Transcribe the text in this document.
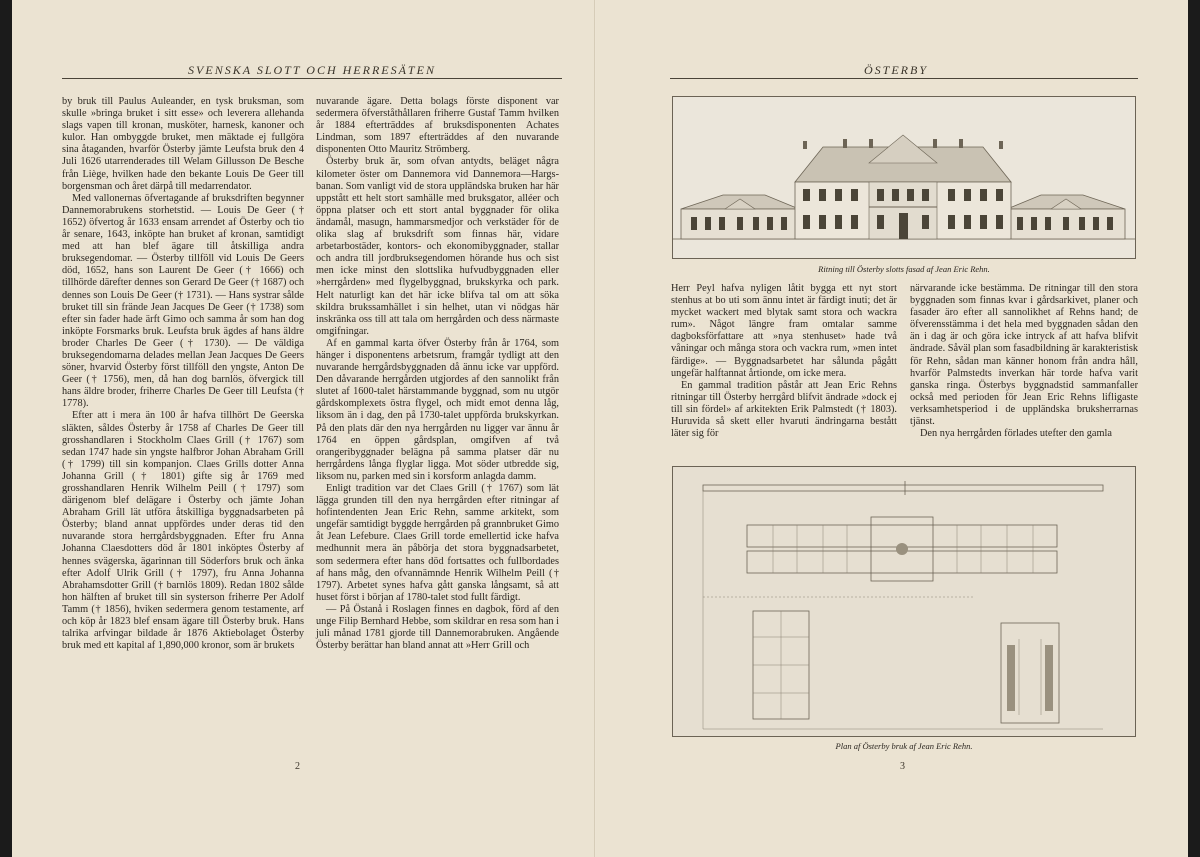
SVENSKA SLOTT OCH HERRESÄTEN

by bruk till Paulus Auleander, en tysk bruksman, som skulle »bringa bruket i sitt esse» och leverera allehanda slags vapen till kronan, musköter, harnesk, kanoner och kulor. Han ombyggde bruket, men mäktade ej fullgöra sina åtaganden, hvarför Österby jämte Leufsta bruk den 4 Juli 1626 utarrenderades till Welam Gillusson De Besche från Liège, hvilken hade den bekante Louis De Geer till borgensman och året därpå till medarrendator.

Med vallonernas öfvertagande af bruksdriften begynner Dannemorabrukens storhetstid. — Louis De Geer († 1652) öfvertog år 1633 ensam arrendet af Österby och tio år senare, 1643, inköpte han bruket af kronan, samtidigt med att han blef ägare till åtskilliga andra bruksegendomar. — Österby tillföll vid Louis De Geers död, 1652, hans son Laurent De Geer († 1666) och tillhörde därefter dennes son Gerard De Geer († 1687) och dennes son Louis De Geer († 1731). — Hans systrar sålde bruket till sin frände Jean Jacques De Geer († 1738) som efter sin fader hade ärft Gimo och samma år som han dog inköpte Forsmarks bruk. Leufsta bruk ägdes af hans äldre broder Charles De Geer († 1730). — De väldiga bruksegendomarna delades mellan Jean Jacques De Geers söner, hvarvid Österby först tillföll den yngste, Anton De Geer († 1756), men, då han dog barnlös, öfvergick till hans äldre broder, friherre Charles De Geer till Leufsta († 1778).

Efter att i mera än 100 år hafva tillhört De Geerska släkten, såldes Österby år 1758 af Charles De Geer till grosshandlaren i Stockholm Claes Grill († 1767) som sedan 1747 hade sin yngste halfbror Johan Abraham Grill († 1799) till sin kompanjon. Claes Grills dotter Anna Johanna Grill († 1801) gifte sig år 1769 med grosshandlaren Henrik Wilhelm Peill († 1797) som därigenom blef delägare i Österby och jämte Johan Abraham Grill lät utföra åtskilliga byggnadsarbeten på Österby; bland annat uppfördes under deras tid den nuvarande stora herrgårdsbyggnaden. Efter fru Anna Johanna Claesdotters död år 1801 inköptes Österby af hennes svägerska, ägarinnan till Söderfors bruk och änka efter Adolf Ulrik Grill († 1797), fru Anna Johanna Abrahamsdotter Grill († barnlös 1809). Redan 1802 sålde hon hälften af bruket till sin systerson friherre Per Adolf Tamm († 1856), hviken sedermera genom testamente, arf och köp år 1823 blef ensam ägare till Österby bruk. Hans talrika arfvingar bildade år 1876 Aktiebolaget Österby bruk med ett kapital af 1,890,000 kronor, som är brukets

nuvarande ägare. Detta bolags förste disponent var sedermera öfverståthållaren friherre Gustaf Tamm hvilken år 1884 efterträddes af bruksdisponenten Achates Lindman, som 1897 efterträddes af den nuvarande disponenten Otto Mauritz Strömberg.

Österby bruk är, som ofvan antydts, beläget några kilometer öster om Dannemora vid Dannemora—Hargs-banan. Som vanligt vid de stora uppländska bruken har här uppstått ett helt stort samhälle med bruksgator, alléer och öppna platser och ett stort antal byggnader för olika ändamål, masugn, hammarsmedjor och verkstäder för de olika slag af bruksdrift som finnas här, vidare arbetarbostäder, kontors- och ekonomibyggnader, stallar och andra till jordbruksegendomen hörande hus och sist men icke minst den slottslika hufvudbyggnaden eller »herrgården» med flygelbyggnad, brukskyrka och park. Helt naturligt kan det här icke blifva tal om att söka skildra brukssamhället i sin helhet, utan vi nödgas här inskränka oss till att tala om herrgården och dess närmaste omgifningar.

Af en gammal karta öfver Österby från år 1764, som hänger i disponentens arbetsrum, framgår tydligt att den nuvarande herrgårdsbyggnaden då ännu icke var uppförd. Den dåvarande herrgården utgjordes af den sannolikt från slutet af 1600-talet härstammande byggnad, som nu utgör gårdskomplexets östra flygel, och midt emot denna låg, liksom än i dag, den på 1730-talet uppförda brukskyrkan. På den plats där den nya herrgården nu ligger var ännu år 1764 en öppen gårdsplan, omgifven af två orangeribyggnader belägna på samma platser där nu herrgårdens långa flyglar ligga. Mot söder utbredde sig, liksom nu, parken med sin i korsform anlagda damm.

Enligt tradition var det Claes Grill († 1767) som lät lägga grunden till den nya herrgården efter ritningar af hofintendenten Jean Eric Rehn, samme arkitekt, som ungefär samtidigt byggde herrgården på grannbruket Gimo åt Jean Lefebure. Claes Grill torde emellertid icke hafva medhunnit mera än påbörja det stora byggnadsarbetet, som sedermera efter hans död fortsattes och fullbordades af hans måg, den ofvannämnde Henrik Wilhelm Peill († 1797). Arbetet synes hafva gått ganska långsamt, så att huset först i början af 1780-talet stod fullt färdigt.

— På Östanå i Roslagen finnes en dagbok, förd af den unge Filip Bernhard Hebbe, som skildrar en resa som han i juli månad 1781 gjorde till Dannemorabruken. Angående Österby berättar han bland annat att »Herr Grill och

2
ÖSTERBY
Ritning till Österby slotts fasad af Jean Eric Rehn.

Herr Peyl hafva nyligen låtit bygga ett nyt stort stenhus at bo uti som ännu intet är färdigt inuti; det är mycket wackert med blytak samt stora och wackra rum». Något längre fram omtalar samme dagboksförfattare att »nya stenhuset» hade två våningar och många stora och vackra rum, »men intet färdige». — Byggnadsarbetet har sålunda pågått ungefär halftannat årtionde, om icke mera.

En gammal tradition påstår att Jean Eric Rehns ritningar till Österby herrgård blifvit ändrade »dock ej till sin fördel» af arkitekten Erik Palmstedt († 1803). Huruvida så skett eller hvaruti ändringarna bestått läter sig för

närvarande icke bestämma. De ritningar till den stora byggnaden som finnas kvar i gårdsarkivet, planer och fasader äro efter all sannolikhet af Rehns hand; de öfverensstämma i det hela med byggnaden sådan den än i dag är och göra icke intryck af att hafva blifvit ändrade. Såväl plan som fasadbildning är karakteristisk för Rehn, sådan man känner honom från andra håll, hvarför Palmstedts inverkan här torde hafva varit ganska ringa. Österbys byggnadstid sammanfaller också med perioden för Jean Eric Rehns lifligaste verksamhetsperiod i de uppländska bruksherrarnas tjänst.

Den nya herrgården förlades utefter den gamla

Plan af Österby bruk af Jean Eric Rehn.
3
